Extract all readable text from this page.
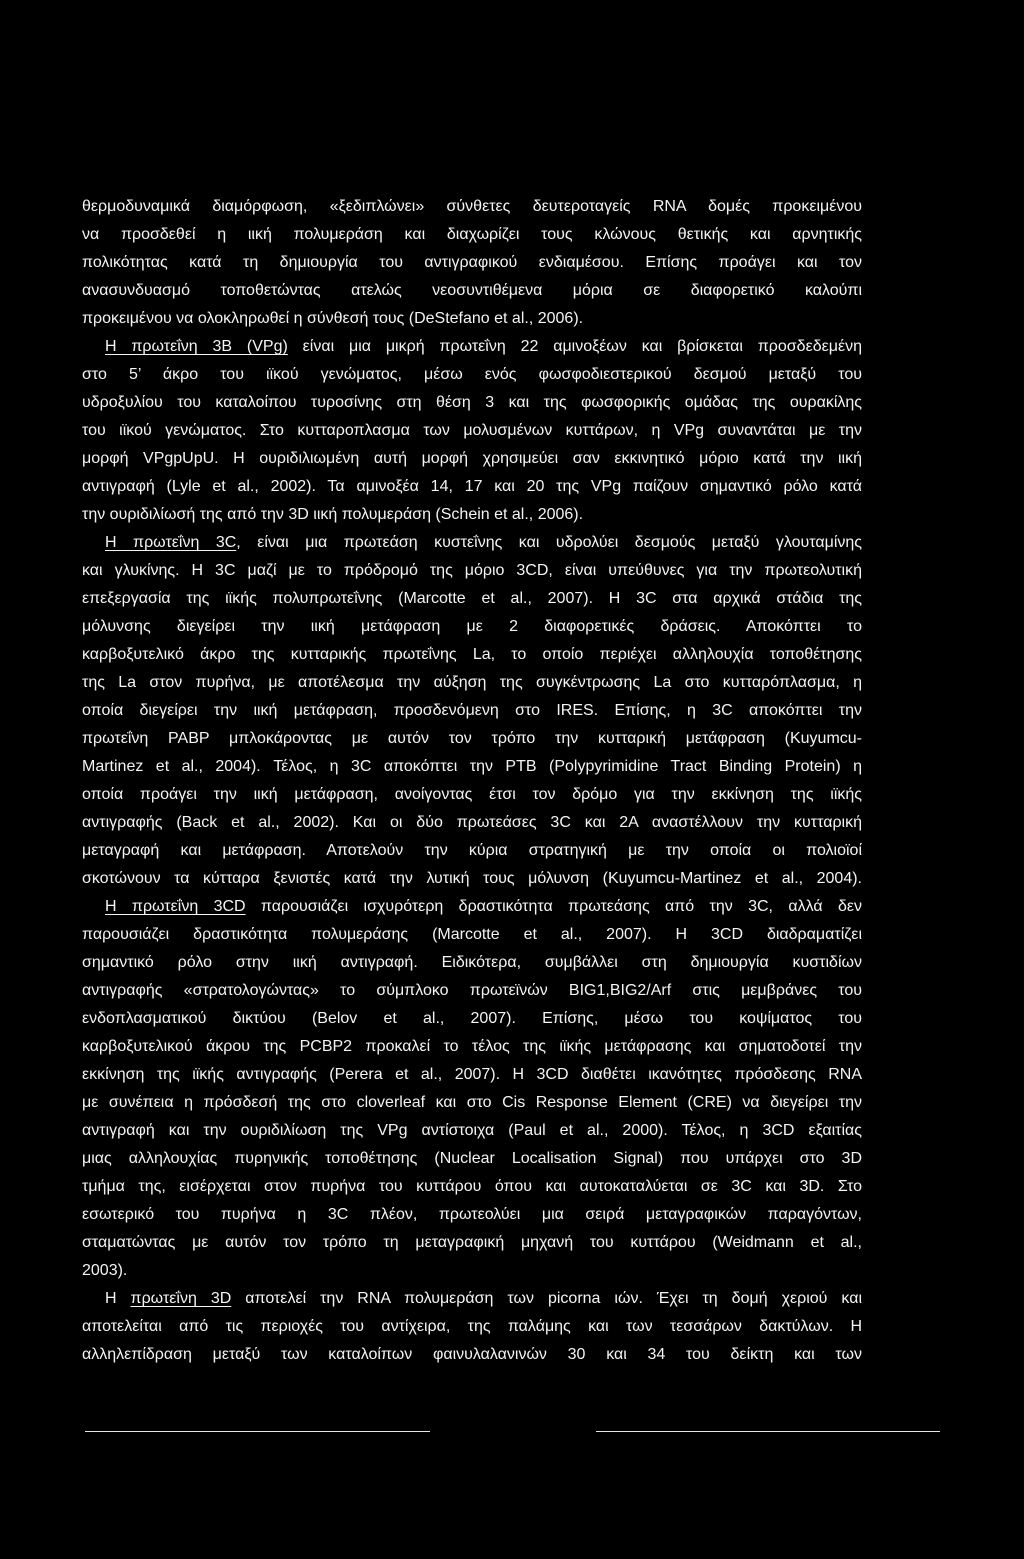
θερμοδυναμικά διαμόρφωση, «ξεδιπλώνει» σύνθετες δευτεροταγείς RNA δομές προκειμένου
να προσδεθεί η ιική πολυμεράση και διαχωρίζει τους κλώνους θετικής και αρνητικής
πολικότητας κατά τη δημιουργία του αντιγραφικού ενδιαμέσου. Επίσης προάγει και τον
ανασυνδυασμό τοποθετώντας ατελώς νεοσυντιθέμενα μόρια σε διαφορετικό καλούπι
προκειμένου να ολοκληρωθεί η σύνθεσή τους (DeStefano et al., 2006).
Η πρωτεΐνη 3Β (VPg) είναι μια μικρή πρωτεΐνη 22 αμινοξέων και βρίσκεται προσδεδεμένη
στο 5’ άκρο του ιϊκού γενώματος, μέσω ενός φωσφοδιεστερικού δεσμού μεταξύ του
υδροξυλίου του καταλοίπου τυροσίνης στη θέση 3 και της φωσφορικής ομάδας της ουρακίλης
του ιϊκού γενώματος. Στο κυτταροπλασμα των μολυσμένων κυττάρων, η VPg συναντάται με την
μορφή VPgpUpU. Η ουριδιλιωμένη αυτή μορφή χρησιμεύει σαν εκκινητικό μόριο κατά την ιική
αντιγραφή (Lyle et al., 2002). Τα αμινοξέα 14, 17 και 20 της VPg παίζουν σημαντικό ρόλο κατά
την ουριδιλίωσή της από την 3D ιική πολυμεράση (Schein et al., 2006).
Η πρωτεΐνη 3C, είναι μια πρωτεάση κυστεΐνης και υδρολύει δεσμούς μεταξύ γλουταμίνης
και γλυκίνης. Η 3C μαζί με το πρόδρομό της μόριο 3CD, είναι υπεύθυνες για την πρωτεολυτική
επεξεργασία της ιϊκής πολυπρωτεΐνης (Marcotte et al., 2007). Η 3C στα αρχικά στάδια της
μόλυνσης διεγείρει την ιική μετάφραση με 2 διαφορετικές δράσεις. Αποκόπτει το
καρβοξυτελικό άκρο της κυτταρικής πρωτεΐνης La, το οποίο περιέχει αλληλουχία τοποθέτησης
της La στον πυρήνα, με αποτέλεσμα την αύξηση της συγκέντρωσης La στο κυτταρόπλασμα, η
οποία διεγείρει την ιική μετάφραση, προσδενόμενη στο IRES. Επίσης, η 3C αποκόπτει την
πρωτεΐνη PABP μπλοκάροντας με αυτόν τον τρόπο την κυτταρική μετάφραση (Kuyumcu-
Martinez et al., 2004). Τέλος, η 3C αποκόπτει την PTB (Polypyrimidine Tract Binding Protein) η
οποία προάγει την ιική μετάφραση, ανοίγοντας έτσι τον δρόμο για την εκκίνηση της ιϊκής
αντιγραφής (Back et al., 2002). Και οι δύο πρωτεάσες 3C και 2A αναστέλλουν την κυτταρική
μεταγραφή και μετάφραση. Αποτελούν την κύρια στρατηγική με την οποία οι πολιοϊοί
σκοτώνουν τα κύτταρα ξενιστές κατά την λυτική τους μόλυνση (Kuyumcu-Martinez et al., 2004).
Η πρωτεΐνη 3CD παρουσιάζει ισχυρότερη δραστικότητα πρωτεάσης από την 3C, αλλά δεν
παρουσιάζει δραστικότητα πολυμεράσης (Marcotte et al., 2007). Η 3CD διαδραματίζει
σημαντικό ρόλο στην ιική αντιγραφή. Ειδικότερα, συμβάλλει στη δημιουργία κυστιδίων
αντιγραφής «στρατολογώντας» το σύμπλοκο πρωτεϊνών BIG1,BIG2/Arf στις μεμβράνες του
ενδοπλασματικού δικτύου (Belov et al., 2007). Επίσης, μέσω του κοψίματος του
καρβοξυτελικού άκρου της PCBP2 προκαλεί το τέλος της ιϊκής μετάφρασης και σηματοδοτεί την
εκκίνηση της ιϊκής αντιγραφής (Perera et al., 2007). Η 3CD διαθέτει ικανότητες πρόσδεσης RNA
με συνέπεια η πρόσδεσή της στο cloverleaf και στο Cis Response Element (CRE) να διεγείρει την
αντιγραφή και την ουριδιλίωση της VPg αντίστοιχα (Paul et al., 2000). Τέλος, η 3CD εξαιτίας
μιας αλληλουχίας πυρηνικής τοποθέτησης (Nuclear Localisation Signal) που υπάρχει στο 3D
τμήμα της, εισέρχεται στον πυρήνα του κυττάρου όπου και αυτοκαταλύεται σε 3C και 3D. Στο
εσωτερικό του πυρήνα η 3C πλέον, πρωτεολύει μια σειρά μεταγραφικών παραγόντων,
σταματώντας με αυτόν τον τρόπο τη μεταγραφική μηχανή του κυττάρου (Weidmann et al.,
2003).
Η πρωτεΐνη 3D αποτελεί την RNA πολυμεράση των picorna ιών. Έχει τη δομή χεριού και
αποτελείται από τις περιοχές του αντίχειρα, της παλάμης και των τεσσάρων δακτύλων. Η
αλληλεπίδραση μεταξύ των καταλοίπων φαινυλαλανινών 30 και 34 του δείκτη και των
